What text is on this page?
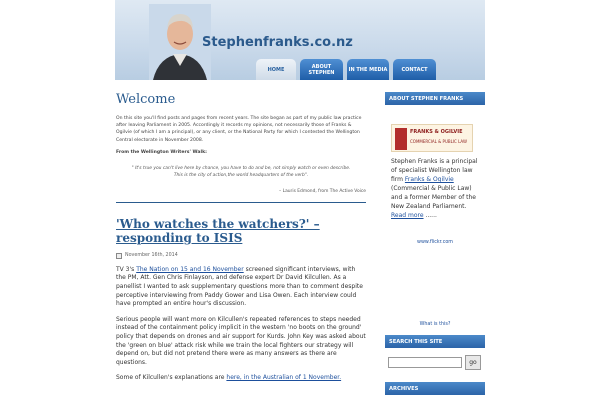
Stephenfranks.co.nz
HOME	ABOUT STEPHEN	IN THE MEDIA	CONTACT
Welcome
On this site you'll find posts and pages from recent years. The site began as part of my public law practice after leaving Parliament in 2005. Accordingly it records my opinions, not necessarily those of Franks & Ogilvie (of which I am a principal), or any client, or the National Party for which I contested the Wellington Central electorate in November 2008.
From the Wellington Writers' Walk:
" It's true you can't live here by chance, you have to do and be, not simply watch or even describe. This is the city of action,the world headquarters of the verb".
– Lauris Edmond, from The Active Voice
'Who watches the watchers?' – responding to ISIS
November 16th, 2014

TV 3's The Nation on 15 and 16 November screened significant interviews, with the PM, Att. Gen Chris Finlayson, and defense expert Dr David Kilcullen. As a panellist I wanted to ask supplementary questions more than to comment despite perceptive interviewing from Paddy Gower and Lisa Owen. Each interview could have prompted an entire hour's discussion.

Serious people will want more on Kilcullen's repeated references to steps needed instead of the containment policy implicit in the western 'no boots on the ground' policy that depends on drones and air support for Kurds. John Key was asked about the 'green on blue' attack risk while we train the local fighters our strategy will depend on, but did not pretend there were as many answers as there are questions.

Some of Kilcullen's explanations are here, in the Australian of 1 November.

ABOUT STEPHEN FRANKS
FRANKS & OGILVIE
COMMERCIAL & PUBLIC LAW
Stephen Franks is a principal of specialist Wellington law firm Franks & Ogilvie (Commercial & Public Law) and a former Member of the New Zealand Parliament. Read more ......
www.flickr.com
What is this?
SEARCH THIS SITE
go
ARCHIVES
